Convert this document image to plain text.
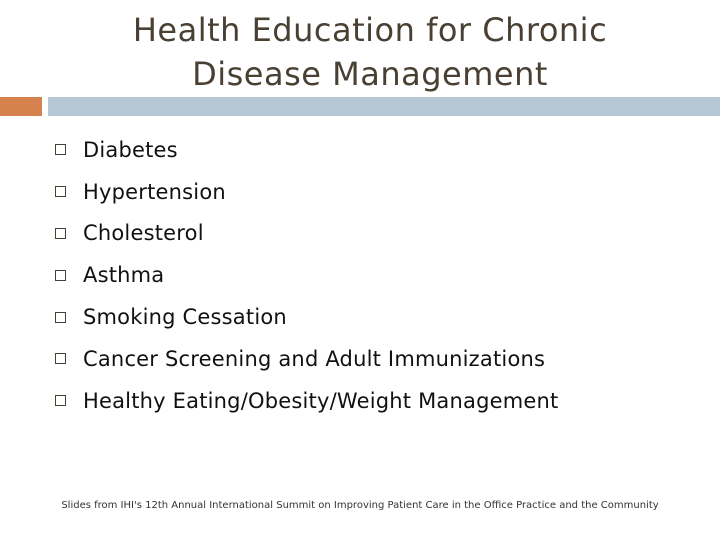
Health Education for Chronic
Disease Management
Diabetes
Hypertension
Cholesterol
Asthma
Smoking Cessation
Cancer Screening and Adult Immunizations
Healthy Eating/Obesity/Weight Management
Slides from IHI's 12th Annual International Summit on Improving Patient Care in the Office Practice and the Community
